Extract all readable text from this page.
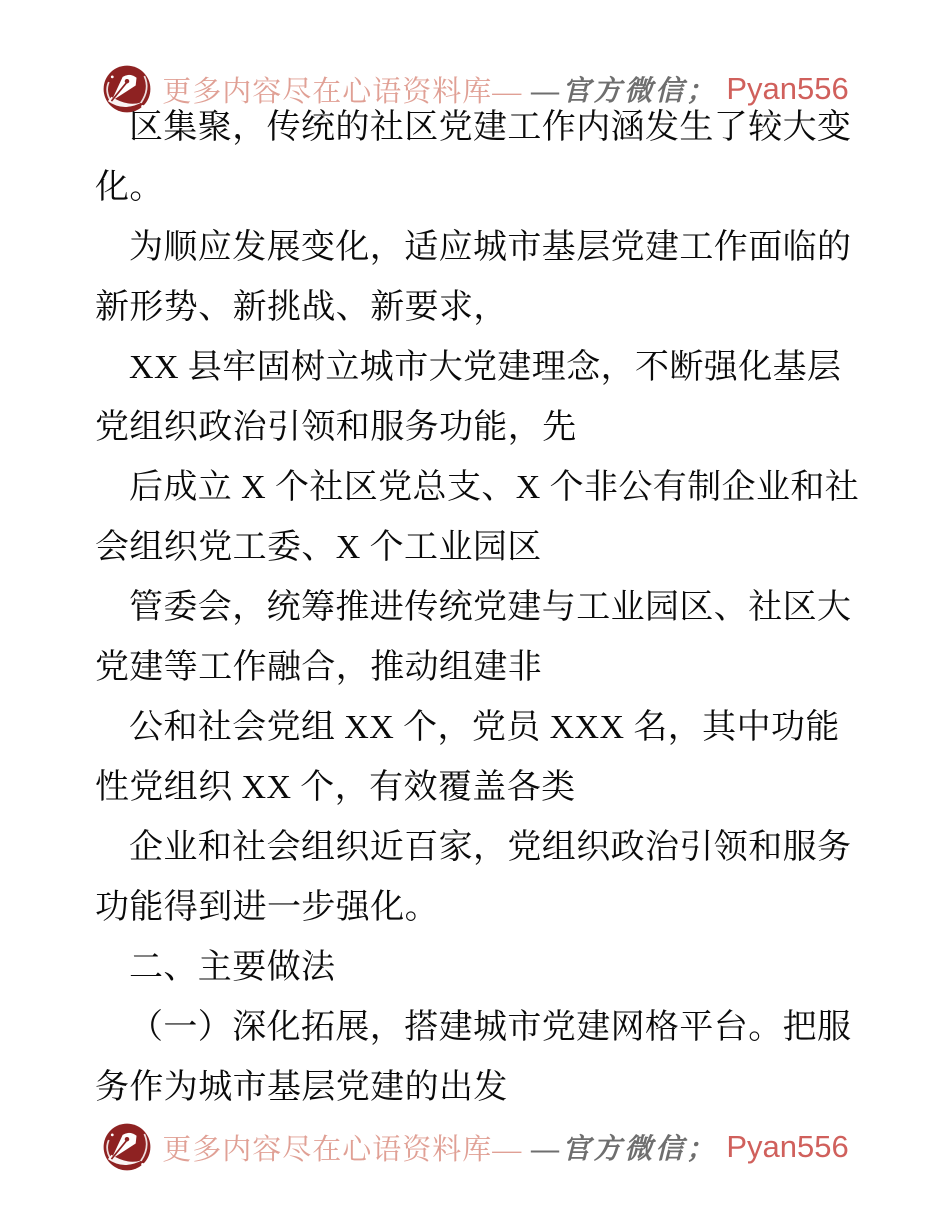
更多内容尽在心语资料库— —官方微信； Pyan556
区集聚，传统的社区党建工作内涵发生了较大变
化。
为顺应发展变化，适应城市基层党建工作面临的
新形势、新挑战、新要求，
XX 县牢固树立城市大党建理念，不断强化基层
党组织政治引领和服务功能，先
后成立 X 个社区党总支、X 个非公有制企业和社
会组织党工委、X 个工业园区
管委会，统筹推进传统党建与工业园区、社区大
党建等工作融合，推动组建非
公和社会党组 XX 个，党员 XXX 名，其中功能
性党组织 XX 个，有效覆盖各类
企业和社会组织近百家，党组织政治引领和服务
功能得到进一步强化。
二、主要做法
（一）深化拓展，搭建城市党建网格平台。把服
务作为城市基层党建的出发
更多内容尽在心语资料库— —官方微信； Pyan556
